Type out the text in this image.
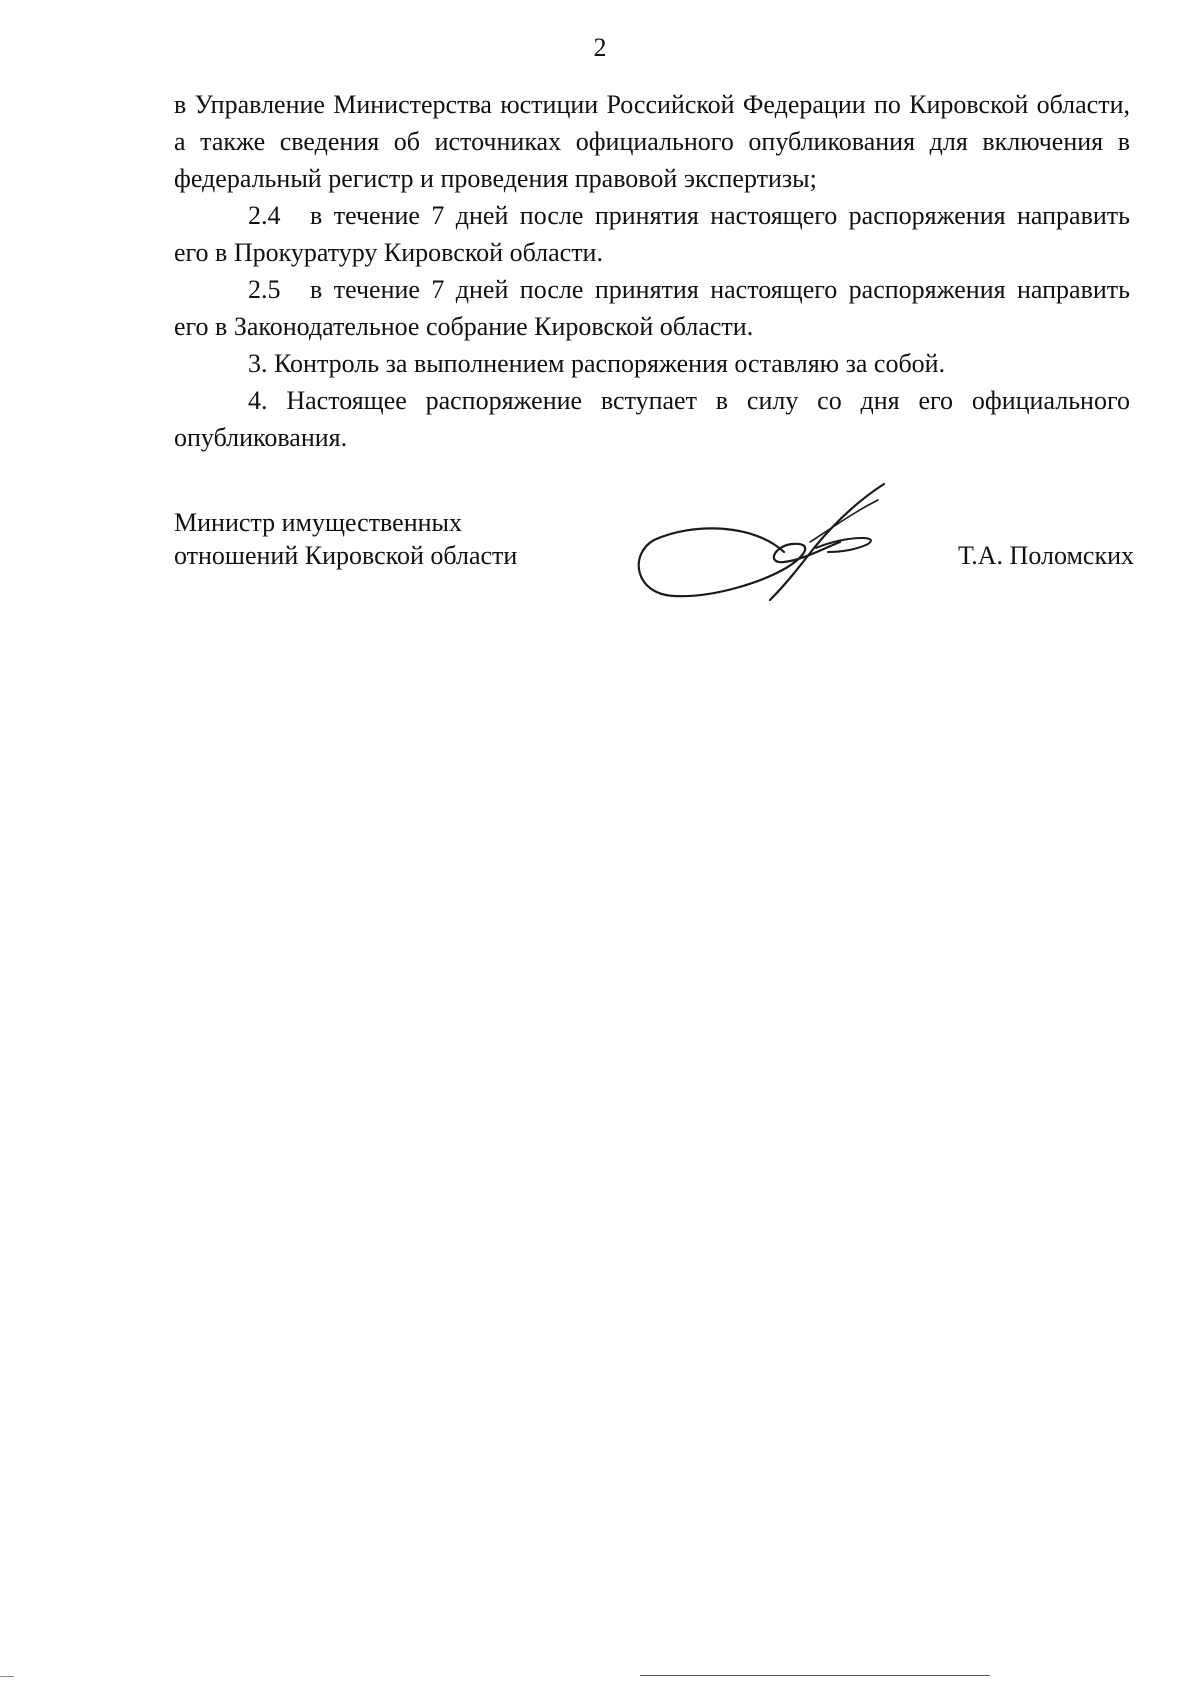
2

в Управление Министерства юстиции Российской Федерации по Кировской области, а также сведения об источниках официального опубликования для включения в федеральный регистр и проведения правовой экспертизы;

2.4 в течение 7 дней после принятия настоящего распоряжения направить его в Прокуратуру Кировской области.

2.5 в течение 7 дней после принятия настоящего распоряжения направить его в Законодательное собрание Кировской области.

3. Контроль за выполнением распоряжения оставляю за собой.

4. Настоящее распоряжение вступает в силу со дня его официального опубликования.

Министр имущественных
отношений Кировской области	Т.А. Поломских
